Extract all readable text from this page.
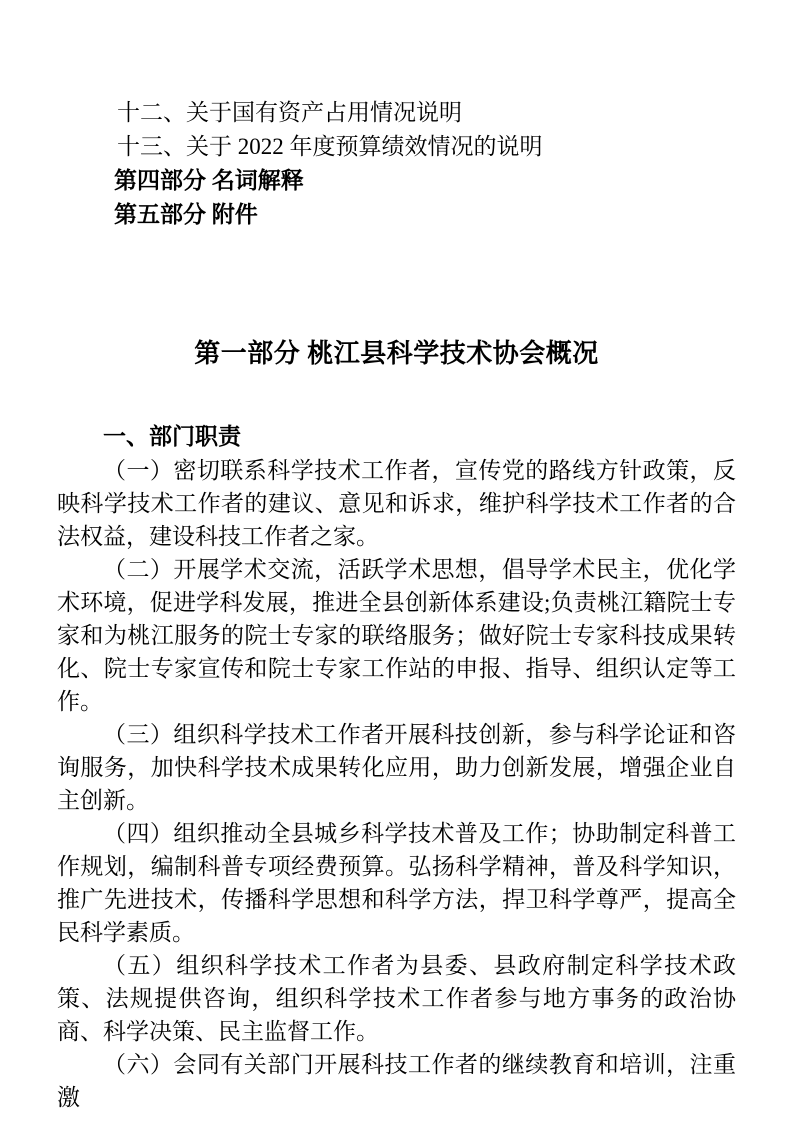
十二、关于国有资产占用情况说明

十三、关于 2022 年度预算绩效情况的说明

第四部分 名词解释

第五部分 附件

第一部分 桃江县科学技术协会概况
一、部门职责

（一）密切联系科学技术工作者，宣传党的路线方针政策，反映科学技术工作者的建议、意见和诉求，维护科学技术工作者的合法权益，建设科技工作者之家。

（二）开展学术交流，活跃学术思想，倡导学术民主，优化学术环境，促进学科发展，推进全县创新体系建设;负责桃江籍院士专家和为桃江服务的院士专家的联络服务；做好院士专家科技成果转化、院士专家宣传和院士专家工作站的申报、指导、组织认定等工作。

（三）组织科学技术工作者开展科技创新，参与科学论证和咨询服务，加快科学技术成果转化应用，助力创新发展，增强企业自主创新。

（四）组织推动全县城乡科学技术普及工作；协助制定科普工作规划，编制科普专项经费预算。弘扬科学精神，普及科学知识，推广先进技术，传播科学思想和科学方法，捍卫科学尊严，提高全民科学素质。

（五）组织科学技术工作者为县委、县政府制定科学技术政策、法规提供咨询，组织科学技术工作者参与地方事务的政治协商、科学决策、民主监督工作。

（六）会同有关部门开展科技工作者的继续教育和培训，注重激
